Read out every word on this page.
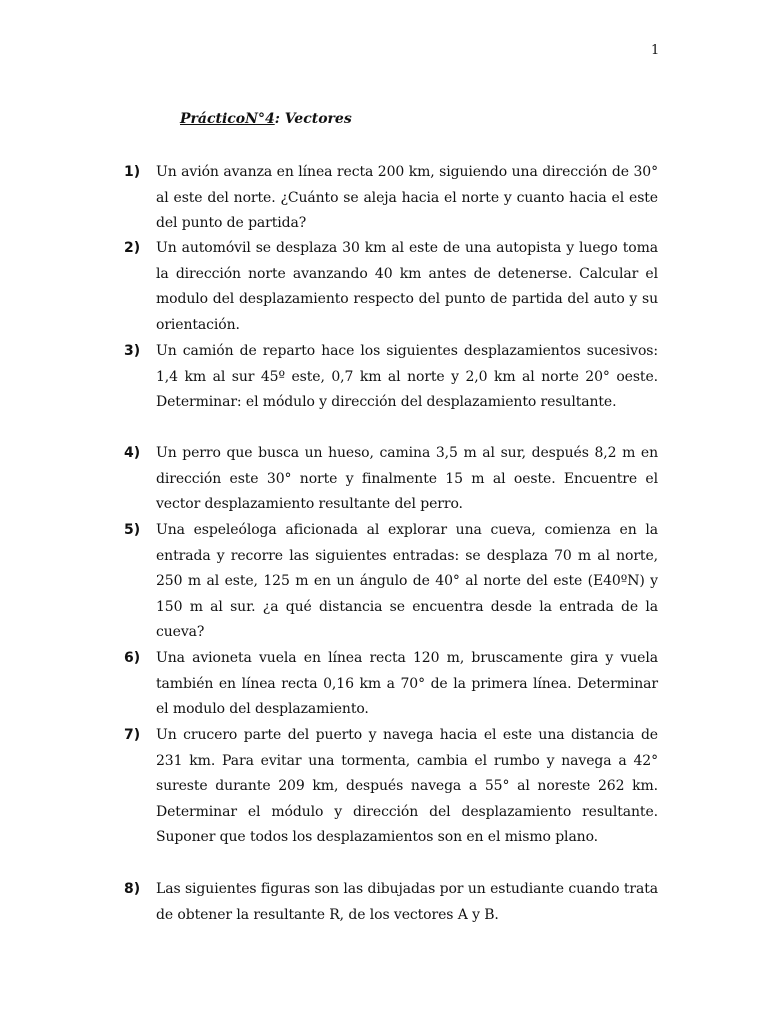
1
PrácticoN°4: Vectores
1) Un avión avanza en línea recta 200 km, siguiendo una dirección de 30° al este del norte. ¿Cuánto se aleja hacia el norte y cuanto hacia el este del punto de partida?
2) Un automóvil se desplaza 30 km al este de una autopista y luego toma la dirección norte avanzando 40 km antes de detenerse. Calcular el modulo del desplazamiento respecto del punto de partida del auto y su orientación.
3) Un camión de reparto hace los siguientes desplazamientos sucesivos: 1,4 km al sur 45º este, 0,7 km al norte y 2,0 km al norte 20° oeste. Determinar: el módulo y dirección del desplazamiento resultante.
4) Un perro que busca un hueso, camina 3,5 m al sur, después 8,2 m en dirección este 30° norte y finalmente 15 m al oeste. Encuentre el vector desplazamiento resultante del perro.
5) Una espeleóloga aficionada al explorar una cueva, comienza en la entrada y recorre las siguientes entradas: se desplaza 70 m al norte, 250 m al este, 125 m en un ángulo de 40° al norte del este (E40ºN) y 150 m al sur. ¿a qué distancia se encuentra desde la entrada de la cueva?
6) Una avioneta vuela en línea recta 120 m, bruscamente gira y vuela también en línea recta 0,16 km a 70° de la primera línea. Determinar el modulo del desplazamiento.
7) Un crucero parte del puerto y navega hacia el este una distancia de 231 km. Para evitar una tormenta, cambia el rumbo y navega a 42° sureste durante 209 km, después navega a 55° al noreste 262 km. Determinar el módulo y dirección del desplazamiento resultante. Suponer que todos los desplazamientos son en el mismo plano.
8) Las siguientes figuras son las dibujadas por un estudiante cuando trata de obtener la resultante R, de los vectores A y B.
